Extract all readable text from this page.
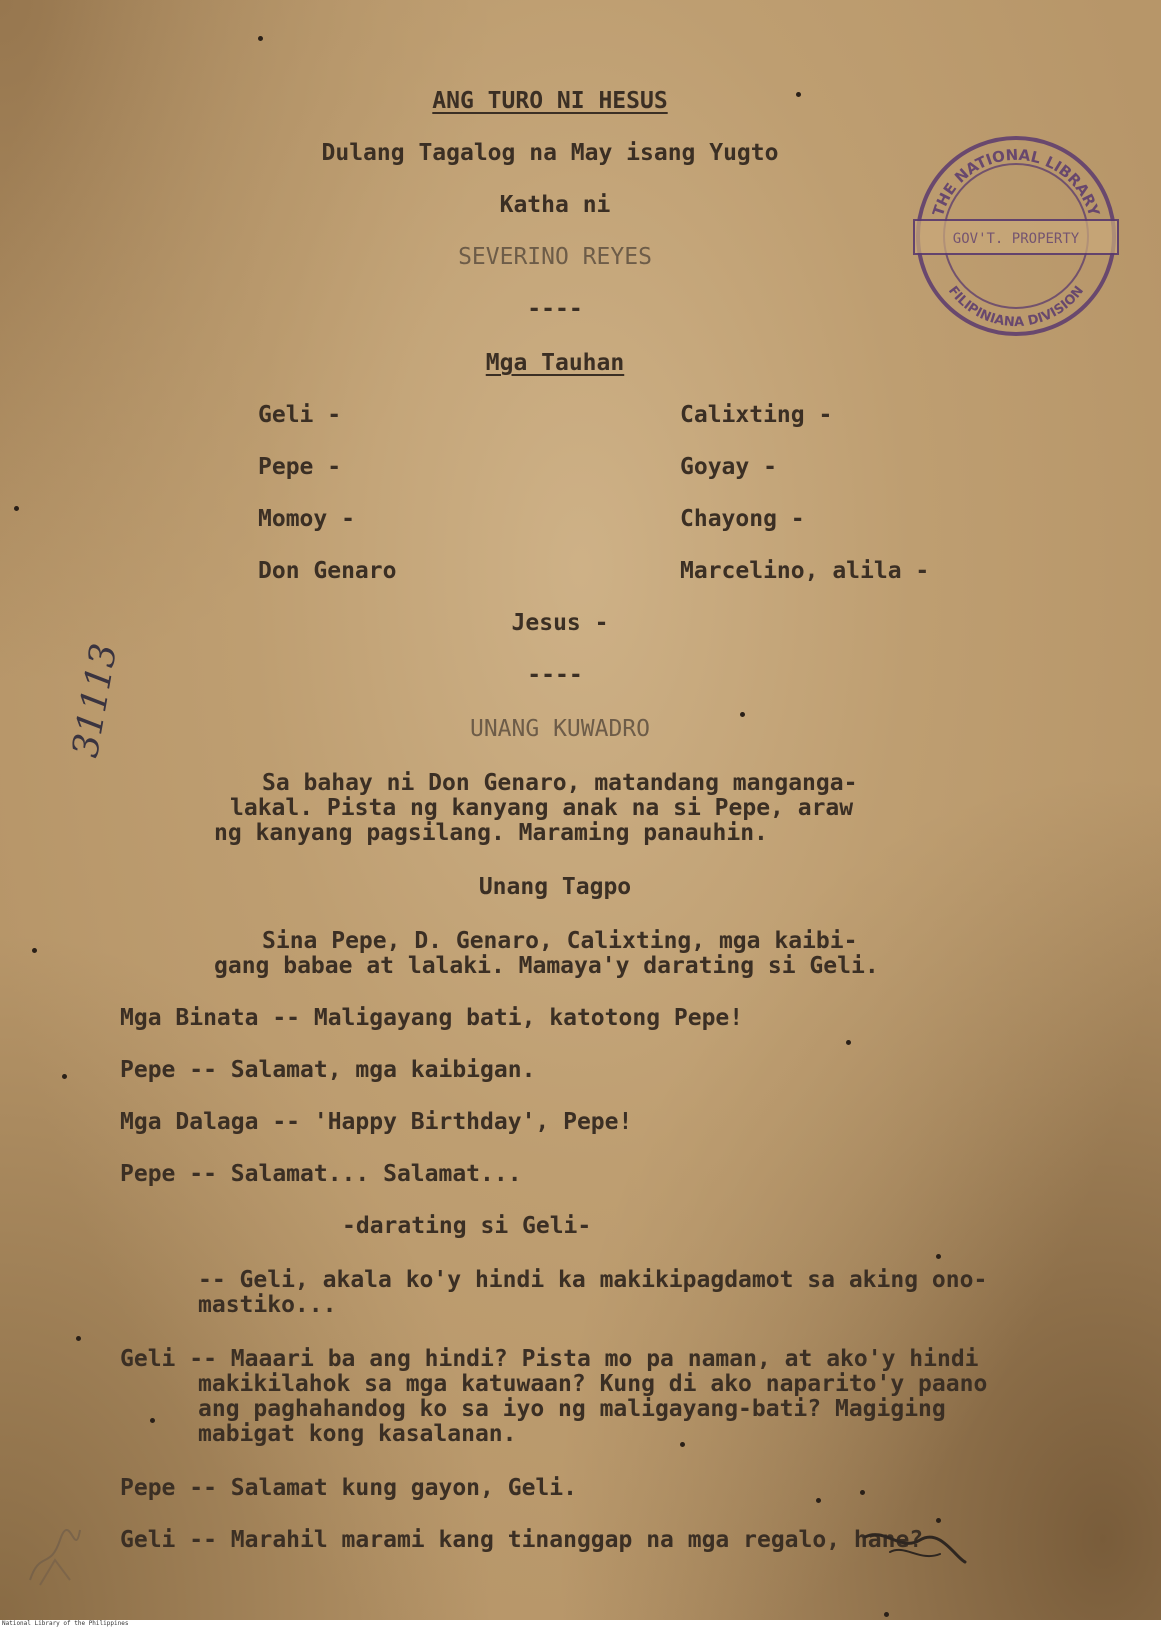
ANG TURO NI HESUS
Dulang Tagalog na May isang Yugto
Katha ni
SEVERINO REYES
----
THE NATIONAL LIBRARY
GOV'T. PROPERTY
FILIPINIANA DIVISION
Mga Tauhan
Geli -
Pepe -
Momoy -
Don Genaro
Calixting -
Goyay -
Chayong -
Marcelino, alila -
Jesus -
----
31113	UNANG KUWADRO
Sa bahay ni Don Genaro, matandang manganga-
lakal. Pista ng kanyang anak na si Pepe, araw
ng kanyang pagsilang. Maraming panauhin.
Unang Tagpo
Sina Pepe, D. Genaro, Calixting, mga kaibi-
gang babae at lalaki. Mamaya'y darating si Geli.
Mga Binata -- Maligayang bati, katotong Pepe!
Pepe -- Salamat, mga kaibigan.
Mga Dalaga -- 'Happy Birthday', Pepe!
Pepe -- Salamat... Salamat...
-darating si Geli-
-- Geli, akala ko'y hindi ka makikipagdamot sa aking ono-
mastiko...
Geli -- Maaari ba ang hindi? Pista mo pa naman, at ako'y hindi
makikilahok sa mga katuwaan? Kung di ako naparito'y paano
ang paghahandog ko sa iyo ng maligayang-bati? Magiging
mabigat kong kasalanan.
Pepe -- Salamat kung gayon, Geli.
Geli -- Marahil marami kang tinanggap na mga regalo, hane?
National Library of the Philippines
